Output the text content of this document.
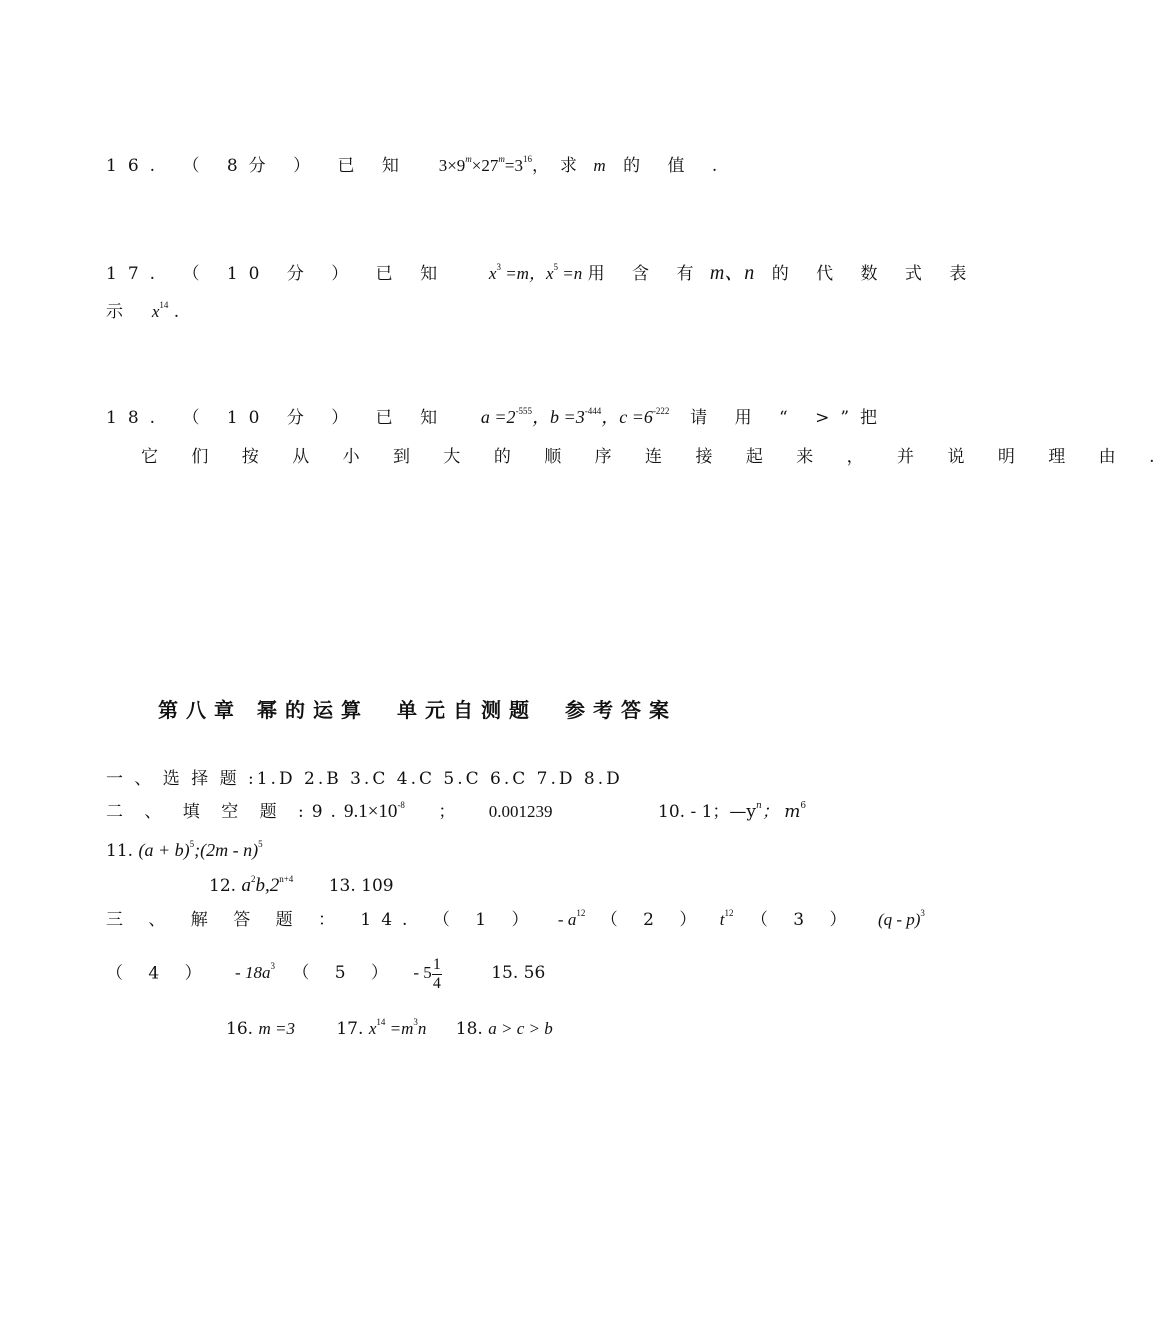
16. （ 8分 ） 已 知 $3\times 9^m\times 27^m=3^{16}$，求 m 的 值 .
17. （ 10 分 ） 已 知 $x^3 =m$，$x^5 =n$ 用 含 有 m、n 的 代 数 式 表
示 $x^{14}$ .
18. （ 10 分 ） 已 知 $a =2^{-555}$，$b =3^{-444}$，$c =6^{-222}$ 请 用 “ >”把
它 们 按 从 小 到 大 的 顺 序 连 接 起 来 ， 并 说 明 理 由 .
第八章 幂的运算 单元自测题 参考答案
一 、 选 择 题 :1.D 2.B 3.C 4.C 5.C 6.C 7.D 8.D
二 、 填 空 题 $:9.9.1\times 10^{-8}$ ； 0.001239	10. - 1；$—y^n$； $m^6$
11. $(a + b)^5;(2m - n)^5$
12. $a^2b,2^{n+4}$ 13. 109
三 、 解 答 题 ： 14. （ 1 ） - $a^{12}$ （ 2 ） $t^{12}$ （ 3 ） (q - p)$^3$
（ 4 ） - $18a^3$ （ 5 ） - $5 \frac{1}{4}$	15. 56
16. m =3 17. $x^{14} =m^3n$ 18. a > c > b
